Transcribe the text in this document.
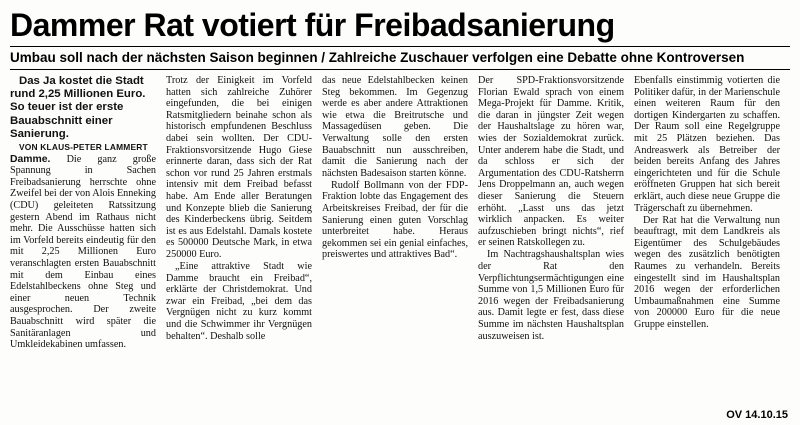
Dammer Rat votiert für Freibadsanierung
Umbau soll nach der nächsten Saison beginnen / Zahlreiche Zuschauer verfolgen eine Debatte ohne Kontroversen

Das Ja kostet die Stadt rund 2,25 Millionen Euro. So teuer ist der erste Bauabschnitt einer Sanierung.

VON KLAUS-PETER LAMMERT

Damme. Die ganz große Spannung in Sachen Freibadsanierung herrschte ohne Zweifel bei der von Alois Enneking (CDU) geleiteten Ratssitzung gestern Abend im Rathaus nicht mehr. Die Ausschüsse hatten sich im Vorfeld bereits eindeutig für den mit 2,25 Millionen Euro veranschlagten ersten Bauabschnitt mit dem Einbau eines Edelstahlbeckens ohne Steg und einer neuen Technik ausgesprochen. Der zweite Bauabschnitt wird später die Sanitäranlagen und Umkleidekabinen umfassen.

Trotz der Einigkeit im Vorfeld hatten sich zahlreiche Zuhörer eingefunden, die bei einigen Ratsmitgliedern beinahe schon als historisch empfundenen Beschluss dabei sein wollten. Der CDU-Fraktionsvorsitzende Hugo Giese erinnerte daran, dass sich der Rat schon vor rund 25 Jahren erstmals intensiv mit dem Freibad befasst habe. Am Ende aller Beratungen und Konzepte blieb die Sanierung des Kinderbeckens übrig. Seitdem ist es aus Edelstahl. Damals kostete es 500000 Deutsche Mark, in etwa 250000 Euro.

„Eine attraktive Stadt wie Damme braucht ein Freibad“, erklärte der Christdemokrat. Und zwar ein Freibad, „bei dem das Vergnügen nicht zu kurz kommt und die Schwimmer ihr Vergnügen behalten“. Deshalb solle

das neue Edelstahlbecken keinen Steg bekommen. Im Gegenzug werde es aber andere Attraktionen wie etwa die Breitrutsche und Massagedüsen geben. Die Verwaltung solle den ersten Bauabschnitt nun ausschreiben, damit die Sanierung nach der nächsten Badesaison starten könne.

Rudolf Bollmann von der FDP-Fraktion lobte das Engagement des Arbeitskreises Freibad, der für die Sanierung einen guten Vorschlag unterbreitet habe. Heraus gekommen sei ein genial einfaches, preiswertes und attraktives Bad“.

Der SPD-Fraktionsvorsitzende Florian Ewald sprach von einem Mega-Projekt für Damme. Kritik, die daran in jüngster Zeit wegen der Haushaltslage zu hören war, wies der Sozialdemokrat zurück. Unter anderem habe die Stadt, und da schloss er sich der Argumentation des CDU-Ratsherrn Jens Droppelmann an, auch wegen dieser Sanierung die Steuern erhöht. „Lasst uns das jetzt wirklich anpacken. Es weiter aufzuschieben bringt nichts“, rief er seinen Ratskollegen zu.

Im Nachtragshaushaltsplan wies der Rat den Verpflichtungsermächtigungen eine Summe von 1,5 Millionen Euro für 2016 wegen der Freibadsanierung aus. Damit legte er fest, dass diese Summe im nächsten Haushaltsplan auszuweisen ist.

Ebenfalls einstimmig votierten die Politiker dafür, in der Marienschule einen weiteren Raum für den dortigen Kindergarten zu schaffen. Der Raum soll eine Regelgruppe mit 25 Plätzen beziehen. Das Andreaswerk als Betreiber der beiden bereits Anfang des Jahres eingerichteten und für die Schule eröffneten Gruppen hat sich bereit erklärt, auch diese neue Gruppe die Trägerschaft zu übernehmen.

Der Rat hat die Verwaltung nun beauftragt, mit dem Landkreis als Eigentümer des Schulgebäudes wegen des zusätzlich benötigten Raumes zu verhandeln. Bereits eingestellt sind im Haushaltsplan 2016 wegen der erforderlichen Umbaumaßnahmen eine Summe von 200000 Euro für die neue Gruppe einstellen.

OV 14.10.15
